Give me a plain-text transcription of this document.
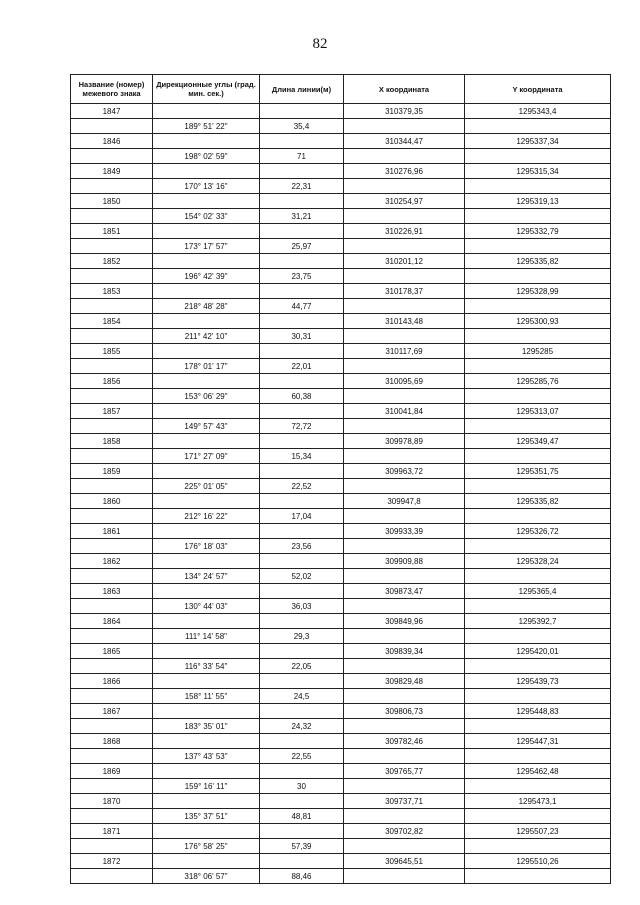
82
Название (номер) межевого знака	Дирекционные углы (град. мин. сек.)	Длина линии(м)	X координата	Y координата
1847			310379,35	1295343,4
	189° 51' 22"	35,4		
1846			310344,47	1295337,34
	198° 02' 59"	71		
1849			310276,96	1295315,34
	170° 13' 16"	22,31		
1850			310254,97	1295319,13
	154° 02' 33"	31,21		
1851			310226,91	1295332,79
	173° 17' 57"	25,97		
1852			310201,12	1295335,82
	196° 42' 39"	23,75		
1853			310178,37	1295328,99
	218° 48' 28"	44,77		
1854			310143,48	1295300,93
	211° 42' 10"	30,31		
1855			310117,69	1295285
	178° 01' 17"	22,01		
1856			310095,69	1295285,76
	153° 06' 29"	60,38		
1857			310041,84	1295313,07
	149° 57' 43"	72,72		
1858			309978,89	1295349,47
	171° 27' 09"	15,34		
1859			309963,72	1295351,75
	225° 01' 05"	22,52		
1860			309947,8	1295335,82
	212° 16' 22"	17,04		
1861			309933,39	1295326,72
	176° 18' 03"	23,56		
1862			309909,88	1295328,24
	134° 24' 57"	52,02		
1863			309873,47	1295365,4
	130° 44' 03"	36,03		
1864			309849,96	1295392,7
	111° 14' 58"	29,3		
1865			309839,34	1295420,01
	116° 33' 54"	22,05		
1866			309829,48	1295439,73
	158° 11' 55"	24,5		
1867			309806,73	1295448,83
	183° 35' 01"	24,32		
1868			309782,46	1295447,31
	137° 43' 53"	22,55		
1869			309765,77	1295462,48
	159° 16' 11"	30		
1870			309737,71	1295473,1
	135° 37' 51"	48,81		
1871			309702,82	1295507,23
	176° 58' 25"	57,39		
1872			309645,51	1295510,26
	318° 06' 57"	88,46		
